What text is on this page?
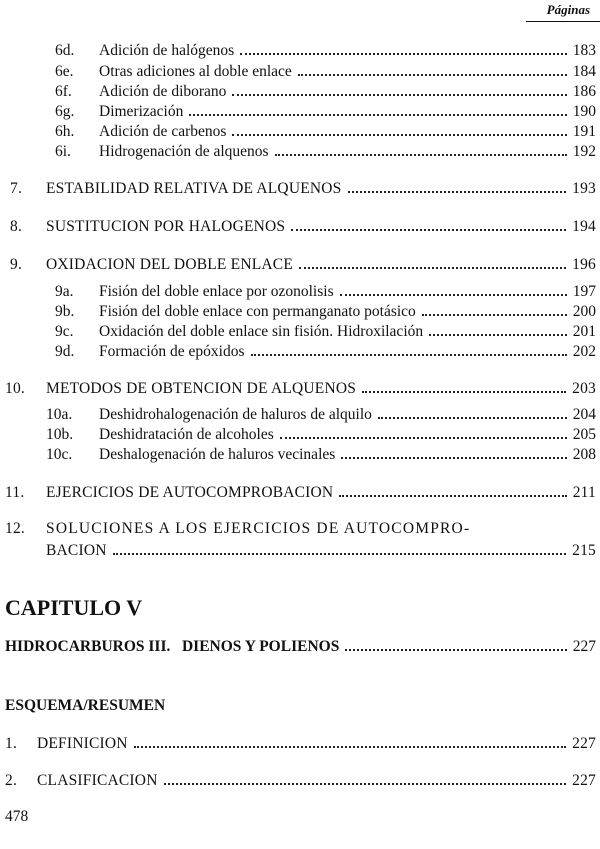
Páginas
6d.	Adición de halógenos	183
6e.	Otras adiciones al doble enlace	184
6f.	Adición de diborano	186
6g.	Dimerización	190
6h.	Adición de carbenos	191
6i.	Hidrogenación de alquenos	192
7.	ESTABILIDAD RELATIVA DE ALQUENOS	193
8.	SUSTITUCION POR HALOGENOS	194
9.	OXIDACION DEL DOBLE ENLACE	196
9a.	Fisión del doble enlace por ozonolisis	197
9b.	Fisión del doble enlace con permanganato potásico	200
9c.	Oxidación del doble enlace sin fisión. Hidroxilación	201
9d.	Formación de epóxidos	202
10.	METODOS DE OBTENCION DE ALQUENOS	203
10a.	Deshidrohalogenación de haluros de alquilo	204
10b.	Deshidratación de alcoholes	205
10c.	Deshalogenación de haluros vecinales	208
11.	EJERCICIOS DE AUTOCOMPROBACION	211
12.	SOLUCIONES A LOS EJERCICIOS DE AUTOCOMPRO-
BACION	215
CAPITULO V
HIDROCARBUROS III.   DIENOS Y POLIENOS	227
ESQUEMA/RESUMEN
1.	DEFINICION	227
2.	CLASIFICACION	227
478
